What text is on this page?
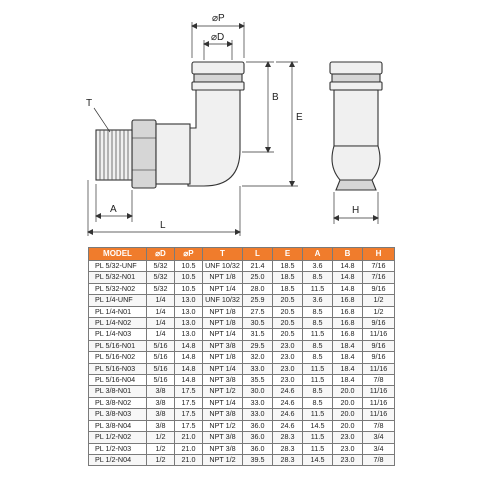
⌀P
⌀D
B
E
T
A
L
H
MODEL	⌀D	⌀P	T	L	E	A	B	H
PL 5/32-UNF	5/32	10.5	UNF 10/32	21.4	18.5	3.6	14.8	7/16
PL 5/32-N01	5/32	10.5	NPT 1/8	25.0	18.5	8.5	14.8	7/16
PL 5/32-N02	5/32	10.5	NPT 1/4	28.0	18.5	11.5	14.8	9/16
PL 1/4-UNF	1/4	13.0	UNF 10/32	25.9	20.5	3.6	16.8	1/2
PL 1/4-N01	1/4	13.0	NPT 1/8	27.5	20.5	8.5	16.8	1/2
PL 1/4-N02	1/4	13.0	NPT 1/8	30.5	20.5	8.5	16.8	9/16
PL 1/4-N03	1/4	13.0	NPT 1/4	31.5	20.5	11.5	16.8	11/16
PL 5/16-N01	5/16	14.8	NPT 3/8	29.5	23.0	8.5	18.4	9/16
PL 5/16-N02	5/16	14.8	NPT 1/8	32.0	23.0	8.5	18.4	9/16
PL 5/16-N03	5/16	14.8	NPT 1/4	33.0	23.0	11.5	18.4	11/16
PL 5/16-N04	5/16	14.8	NPT 3/8	35.5	23.0	11.5	18.4	7/8
PL 3/8-N01	3/8	17.5	NPT 1/2	30.0	24.6	8.5	20.0	11/16
PL 3/8-N02	3/8	17.5	NPT 1/4	33.0	24.6	8.5	20.0	11/16
PL 3/8-N03	3/8	17.5	NPT 3/8	33.0	24.6	11.5	20.0	11/16
PL 3/8-N04	3/8	17.5	NPT 1/2	36.0	24.6	14.5	20.0	7/8
PL 1/2-N02	1/2	21.0	NPT 3/8	36.0	28.3	11.5	23.0	3/4
PL 1/2-N03	1/2	21.0	NPT 3/8	36.0	28.3	11.5	23.0	3/4
PL 1/2-N04	1/2	21.0	NPT 1/2	39.5	28.3	14.5	23.0	7/8
